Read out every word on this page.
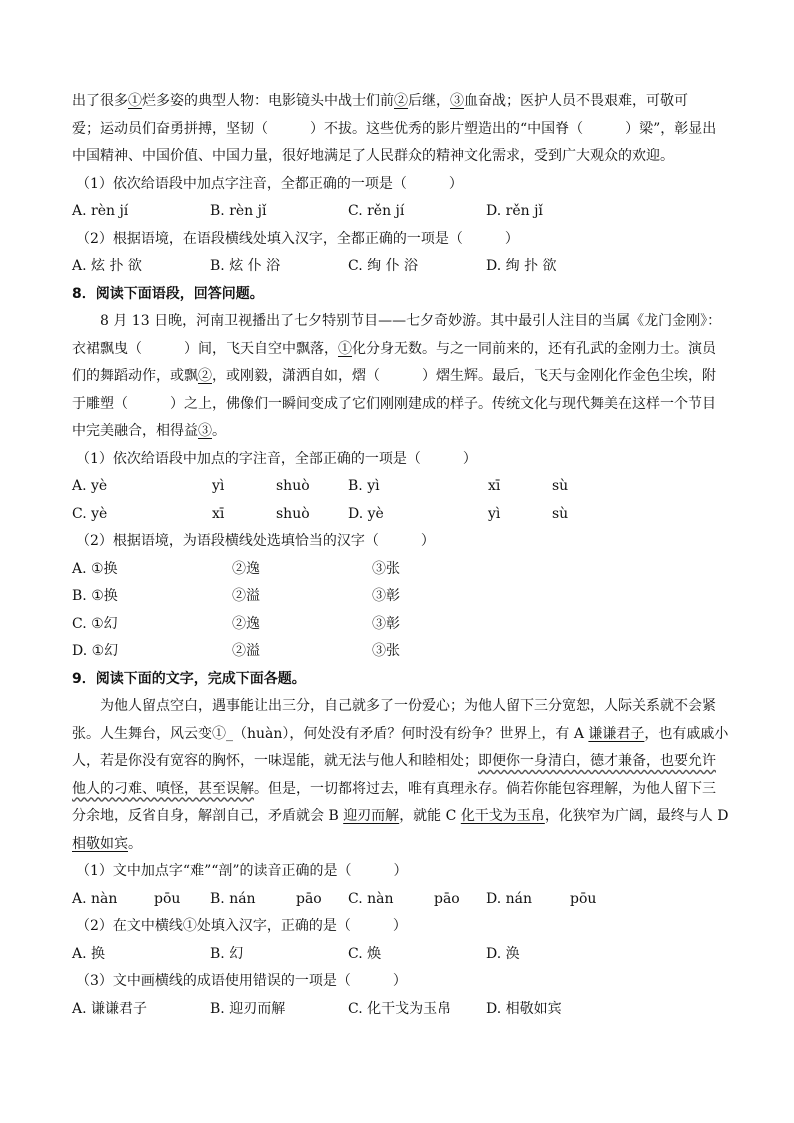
出了很多①烂多姿的典型人物：电影镜头中战士们前②后继，③血奋战；医护人员不畏艰难，可敬可
爱；运动员们奋勇拼搏，坚韧（　　　）不拔。这些优秀的影片塑造出的“中国脊（　　　）梁”，彰显出
中国精神、中国价值、中国力量，很好地满足了人民群众的精神文化需求，受到广大观众的欢迎。
（1）依次给语段中加点字注音，全都正确的一项是（　　　）
A. rèn jí	B. rèn jǐ	C. rěn jí	D. rěn jǐ
（2）根据语境，在语段横线处填入汉字，全都正确的一项是（　　　）
A. 炫 扑 欲	B. 炫 仆 浴	C. 绚 仆 浴	D. 绚 扑 欲
8．阅读下面语段，回答问题。
8 月 13 日晚，河南卫视播出了七夕特别节目——七夕奇妙游。其中最引人注目的当属《龙门金刚》：
衣裙飘曳（　　　）间，飞天自空中飘落，①化分身无数。与之一同前来的，还有孔武的金刚力士。演员
们的舞蹈动作，或飘②，或刚毅，潇洒自如，熠（　　　）熠生辉。最后，飞天与金刚化作金色尘埃，附
于雕塑（　　　）之上，佛像们一瞬间变成了它们刚刚建成的样子。传统文化与现代舞美在这样一个节目
中完美融合，相得益③。
（1）依次给语段中加点的字注音，全部正确的一项是（　　　）
A. yè	yì	shuò	B. yì	xī	sù
C. yè	xī	shuò	D. yè	yì	sù
（2）根据语境，为语段横线处选填恰当的汉字（　　　）
A. ①换	②逸	③张
B. ①换	②溢	③彰
C. ①幻	②逸	③彰
D. ①幻	②溢	③张
9．阅读下面的文字，完成下面各题。
为他人留点空白，遇事能让出三分，自己就多了一份爱心；为他人留下三分宽恕，人际关系就不会紧
张。人生舞台，风云变①_（huàn），何处没有矛盾？何时没有纷争？世界上，有 A 谦谦君子，也有戚戚小
人，若是你没有宽容的胸怀，一味逞能，就无法与他人和睦相处；即便你一身清白，德才兼备，也要允许
他人的刁难、嗔怪，甚至误解。但是，一切都将过去，唯有真理永存。倘若你能包容理解，为他人留下三
分余地，反省自身，解剖自己，矛盾就会 B 迎刃而解，就能 C 化干戈为玉帛，化狭窄为广阔，最终与人 D
相敬如宾。
（1）文中加点字“难”“剖”的读音正确的是（　　　）
A. nàn	pōu	B. nán	pāo	C. nàn	pāo	D. nán	pōu
（2）在文中横线①处填入汉字，正确的是（　　　）
A. 换	B. 幻	C. 焕	D. 涣
（3）文中画横线的成语使用错误的一项是（　　　）
A. 谦谦君子	B. 迎刃而解	C. 化干戈为玉帛	D. 相敬如宾
